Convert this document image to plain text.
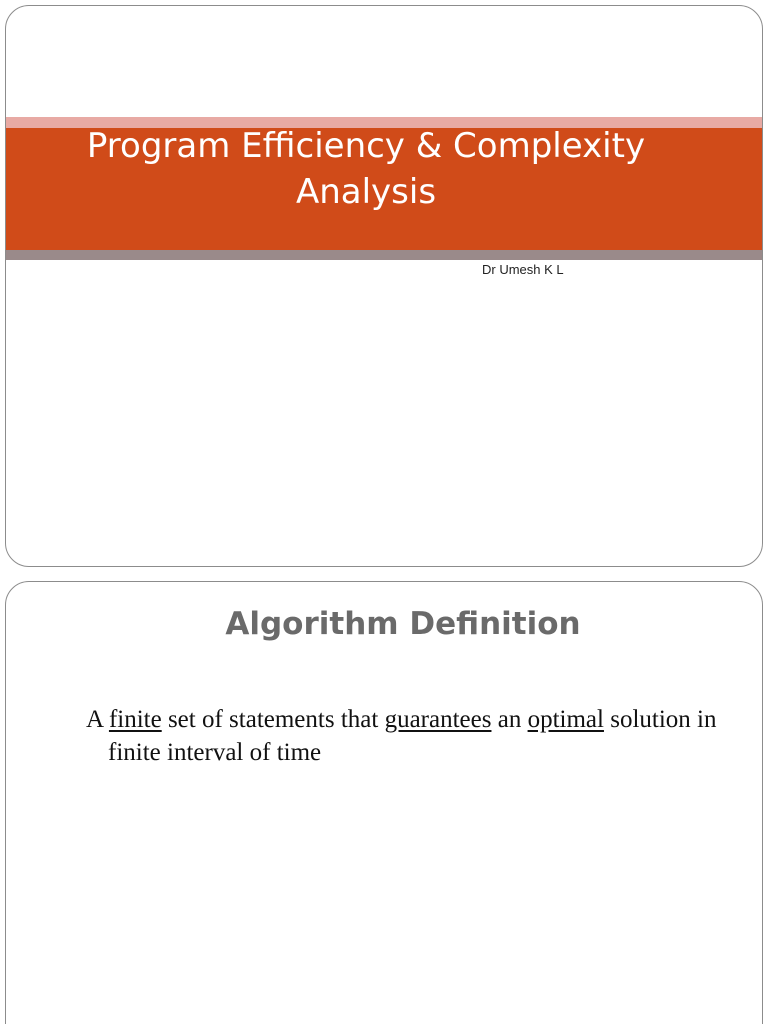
Program Efficiency & Complexity
Analysis

Dr Umesh K L

Algorithm Definition

A finite set of statements that guarantees an optimal solution in finite interval of time
